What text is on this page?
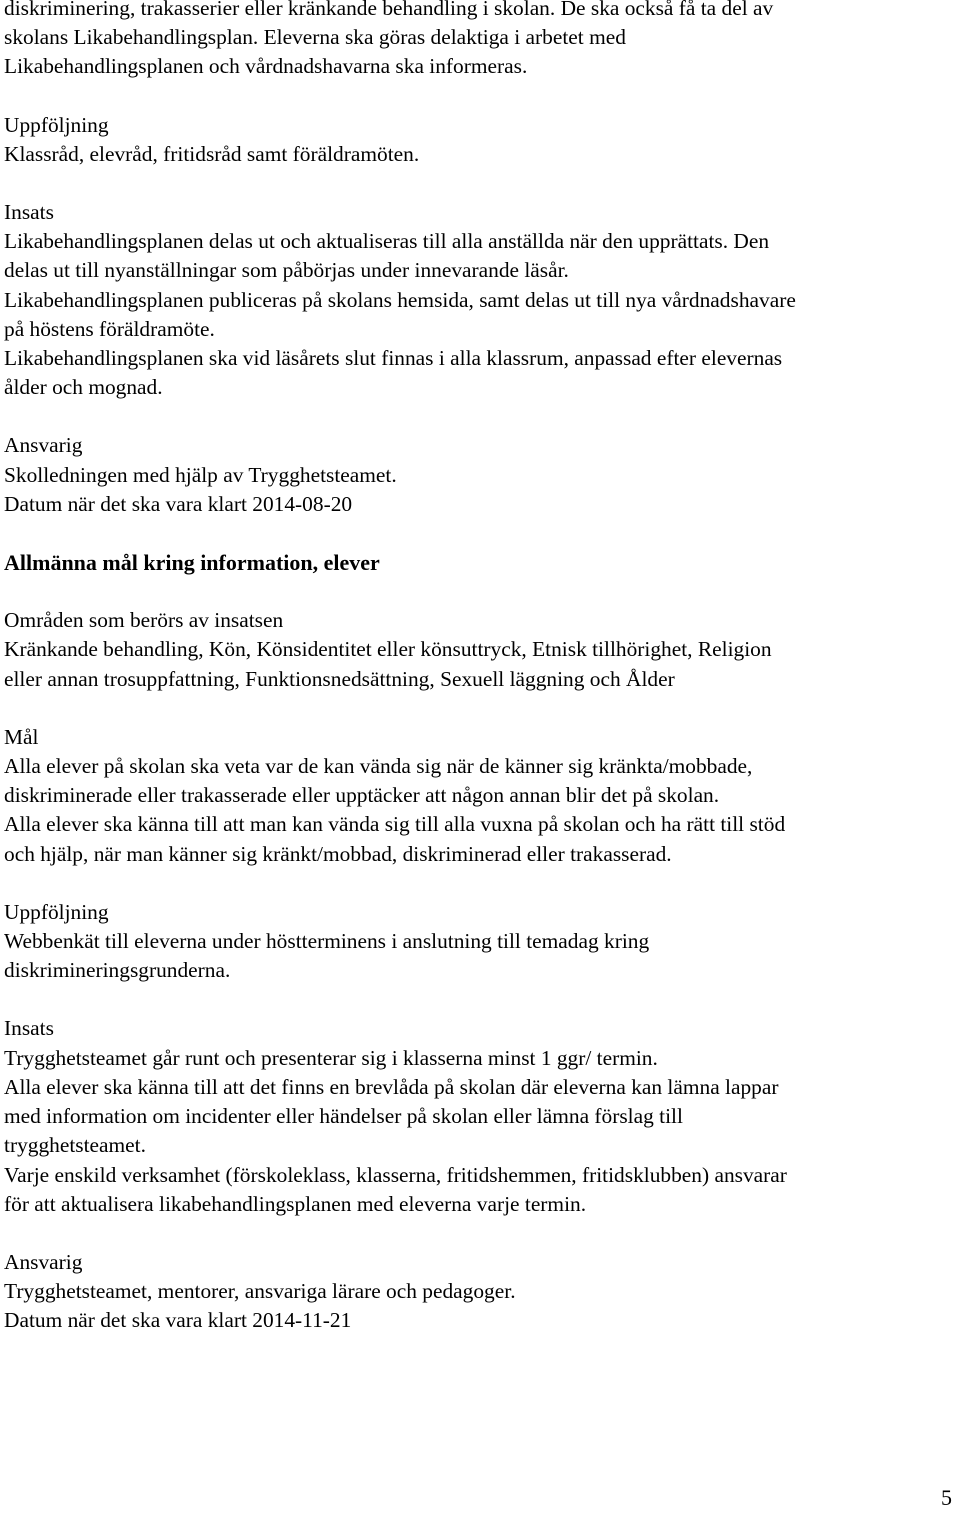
diskriminering, trakasserier eller kränkande behandling i skolan. De ska också få ta del av
skolans Likabehandlingsplan. Eleverna ska göras delaktiga i arbetet med
Likabehandlingsplanen och vårdnadshavarna ska informeras.
Uppföljning
Klassråd, elevråd, fritidsråd samt föräldramöten.
Insats
Likabehandlingsplanen delas ut och aktualiseras till alla anställda när den upprättats. Den
delas ut till nyanställningar som påbörjas under innevarande läsår.
Likabehandlingsplanen publiceras på skolans hemsida, samt delas ut till nya vårdnadshavare
på höstens föräldramöte.
Likabehandlingsplanen ska vid läsårets slut finnas i alla klassrum, anpassad efter elevernas
ålder och mognad.
Ansvarig
Skolledningen med hjälp av Trygghetsteamet.
Datum när det ska vara klart 2014-08-20
Allmänna mål kring information, elever
Områden som berörs av insatsen
Kränkande behandling, Kön, Könsidentitet eller könsuttryck, Etnisk tillhörighet, Religion
eller annan trosuppfattning, Funktionsnedsättning, Sexuell läggning och Ålder
Mål
Alla elever på skolan ska veta var de kan vända sig när de känner sig kränkta/mobbade,
diskriminerade eller trakasserade eller upptäcker att någon annan blir det på skolan.
Alla elever ska känna till att man kan vända sig till alla vuxna på skolan och ha rätt till stöd
och hjälp, när man känner sig kränkt/mobbad, diskriminerad eller trakasserad.
Uppföljning
Webbenkät till eleverna under höstterminens i anslutning till temadag kring
diskrimineringsgrunderna.
Insats
Trygghetsteamet går runt och presenterar sig i klasserna minst 1 ggr/ termin.
Alla elever ska känna till att det finns en brevlåda på skolan där eleverna kan lämna lappar
med information om incidenter eller händelser på skolan eller lämna förslag till
trygghetsteamet.
Varje enskild verksamhet (förskoleklass, klasserna, fritidshemmen, fritidsklubben) ansvarar
för att aktualisera likabehandlingsplanen med eleverna varje termin.
Ansvarig
Trygghetsteamet, mentorer, ansvariga lärare och pedagoger.
Datum när det ska vara klart 2014-11-21
5
